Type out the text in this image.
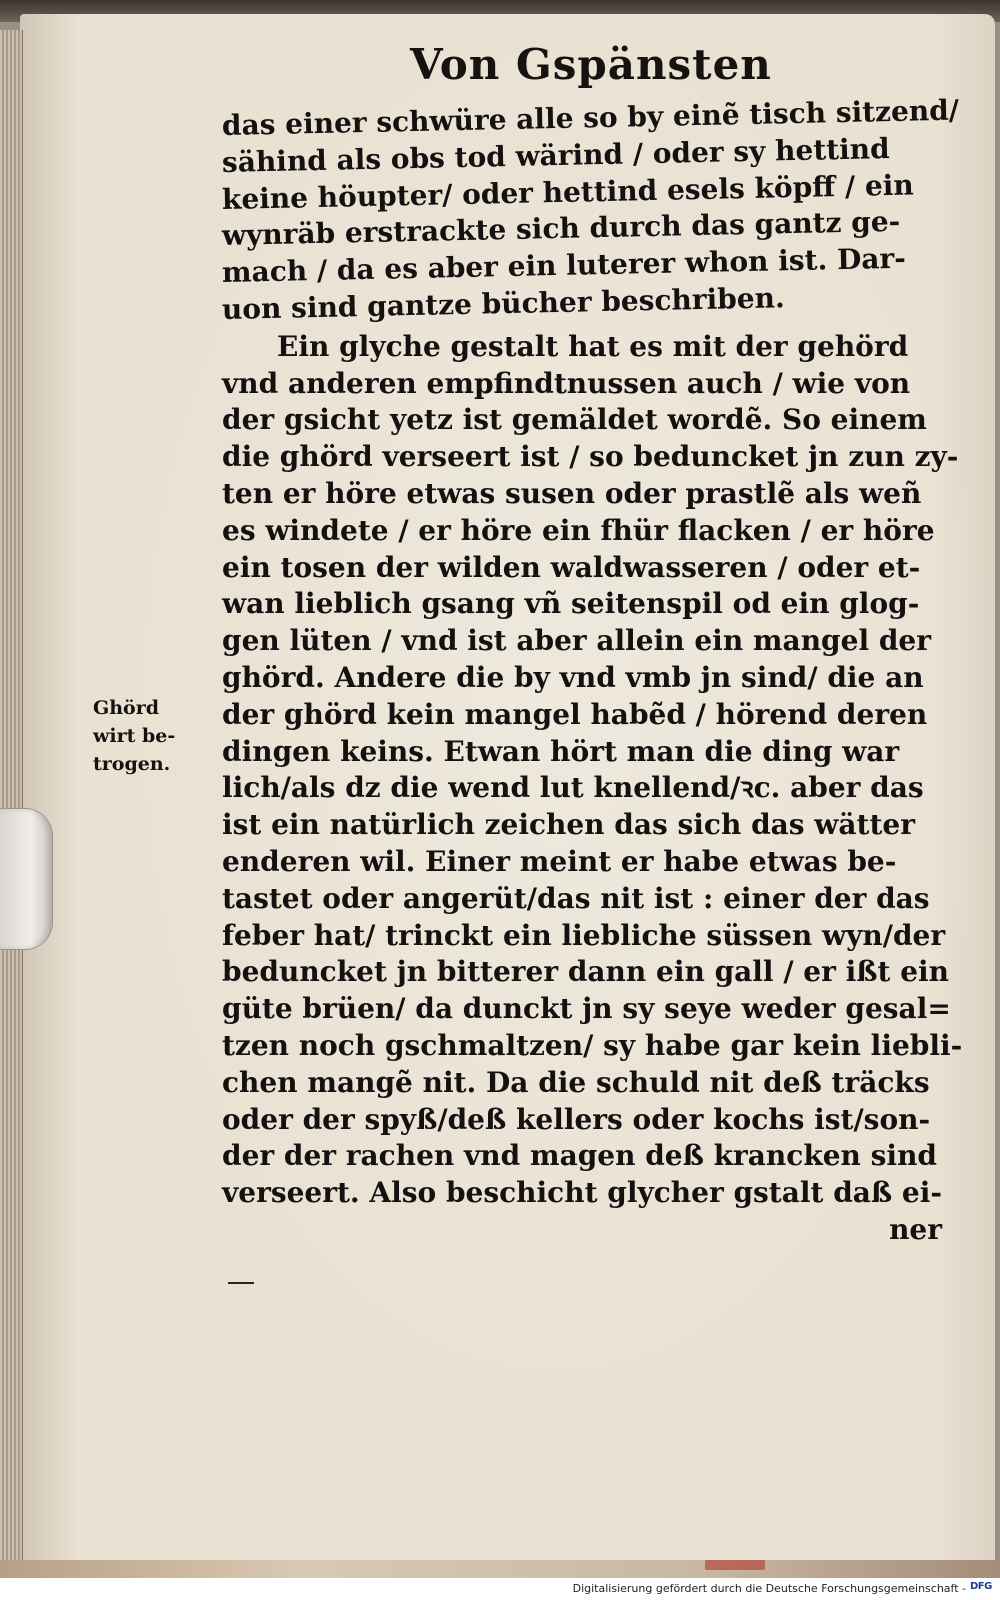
Von Gspänsten
Ghörd
wirt be-
trogen.
das einer schwüre alle so by einẽ tisch sitzend/
sähind als obs tod wärind / oder sy hettind
keine höupter/ oder hettind esels köpff / ein
wynräb erstrackte sich durch das gantz ge-
mach / da es aber ein luterer whon ist. Dar-
uon sind gantze bücher beschriben.
Ein glyche gestalt hat es mit der gehörd
vnd anderen empfindtnussen auch / wie von
der gsicht yetz ist gemäldet wordẽ. So einem
die ghörd verseert ist / so beduncket jn zun zy-
ten er höre etwas susen oder prastlẽ als weñ
es windete / er höre ein fhür flacken / er höre
ein tosen der wilden waldwasseren / oder et-
wan lieblich gsang vñ seitenspil od ein glog-
gen lüten / vnd ist aber allein ein mangel der
ghörd. Andere die by vnd vmb jn sind/ die an
der ghörd kein mangel habẽd / hörend deren
dingen keins. Etwan hört man die ding war
lich/als dz die wend lut knellend/ꝛc. aber das
ist ein natürlich zeichen das sich das wätter
enderen wil. Einer meint er habe etwas be-
tastet oder angerüt/das nit ist : einer der das
feber hat/ trinckt ein liebliche süssen wyn/der
beduncket jn bitterer dann ein gall / er ißt ein
güte brüen/ da dunckt jn sy seye weder gesal=
tzen noch gschmaltzen/ sy habe gar kein liebli-
chen mangẽ nit. Da die schuld nit deß träcks
oder der spyß/deß kellers oder kochs ist/son-
der der rachen vnd magen deß krancken sind
verseert. Also beschicht glycher gstalt daß ei-
ner
Digitalisierung gefördert durch die Deutsche Forschungsgemeinschaft - DFG
